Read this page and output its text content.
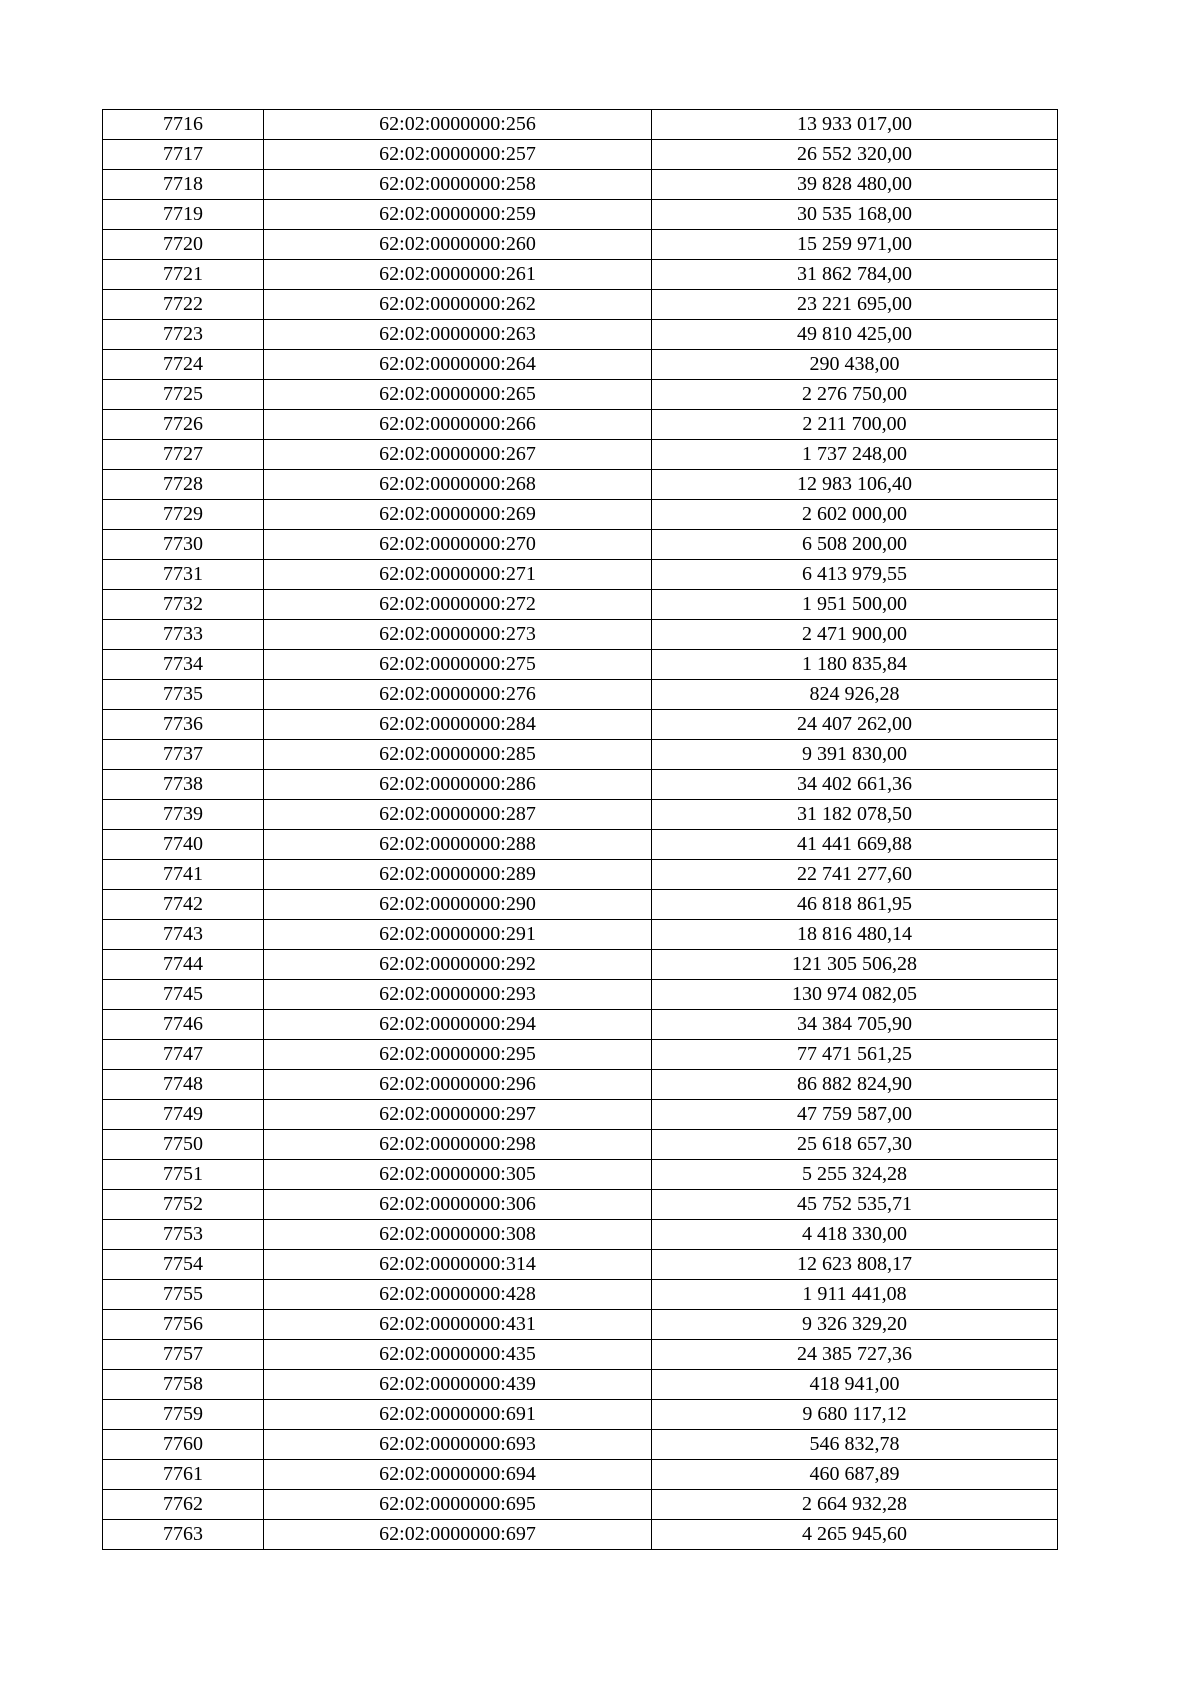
7716	62:02:0000000:256	13 933 017,00
7717	62:02:0000000:257	26 552 320,00
7718	62:02:0000000:258	39 828 480,00
7719	62:02:0000000:259	30 535 168,00
7720	62:02:0000000:260	15 259 971,00
7721	62:02:0000000:261	31 862 784,00
7722	62:02:0000000:262	23 221 695,00
7723	62:02:0000000:263	49 810 425,00
7724	62:02:0000000:264	290 438,00
7725	62:02:0000000:265	2 276 750,00
7726	62:02:0000000:266	2 211 700,00
7727	62:02:0000000:267	1 737 248,00
7728	62:02:0000000:268	12 983 106,40
7729	62:02:0000000:269	2 602 000,00
7730	62:02:0000000:270	6 508 200,00
7731	62:02:0000000:271	6 413 979,55
7732	62:02:0000000:272	1 951 500,00
7733	62:02:0000000:273	2 471 900,00
7734	62:02:0000000:275	1 180 835,84
7735	62:02:0000000:276	824 926,28
7736	62:02:0000000:284	24 407 262,00
7737	62:02:0000000:285	9 391 830,00
7738	62:02:0000000:286	34 402 661,36
7739	62:02:0000000:287	31 182 078,50
7740	62:02:0000000:288	41 441 669,88
7741	62:02:0000000:289	22 741 277,60
7742	62:02:0000000:290	46 818 861,95
7743	62:02:0000000:291	18 816 480,14
7744	62:02:0000000:292	121 305 506,28
7745	62:02:0000000:293	130 974 082,05
7746	62:02:0000000:294	34 384 705,90
7747	62:02:0000000:295	77 471 561,25
7748	62:02:0000000:296	86 882 824,90
7749	62:02:0000000:297	47 759 587,00
7750	62:02:0000000:298	25 618 657,30
7751	62:02:0000000:305	5 255 324,28
7752	62:02:0000000:306	45 752 535,71
7753	62:02:0000000:308	4 418 330,00
7754	62:02:0000000:314	12 623 808,17
7755	62:02:0000000:428	1 911 441,08
7756	62:02:0000000:431	9 326 329,20
7757	62:02:0000000:435	24 385 727,36
7758	62:02:0000000:439	418 941,00
7759	62:02:0000000:691	9 680 117,12
7760	62:02:0000000:693	546 832,78
7761	62:02:0000000:694	460 687,89
7762	62:02:0000000:695	2 664 932,28
7763	62:02:0000000:697	4 265 945,60
